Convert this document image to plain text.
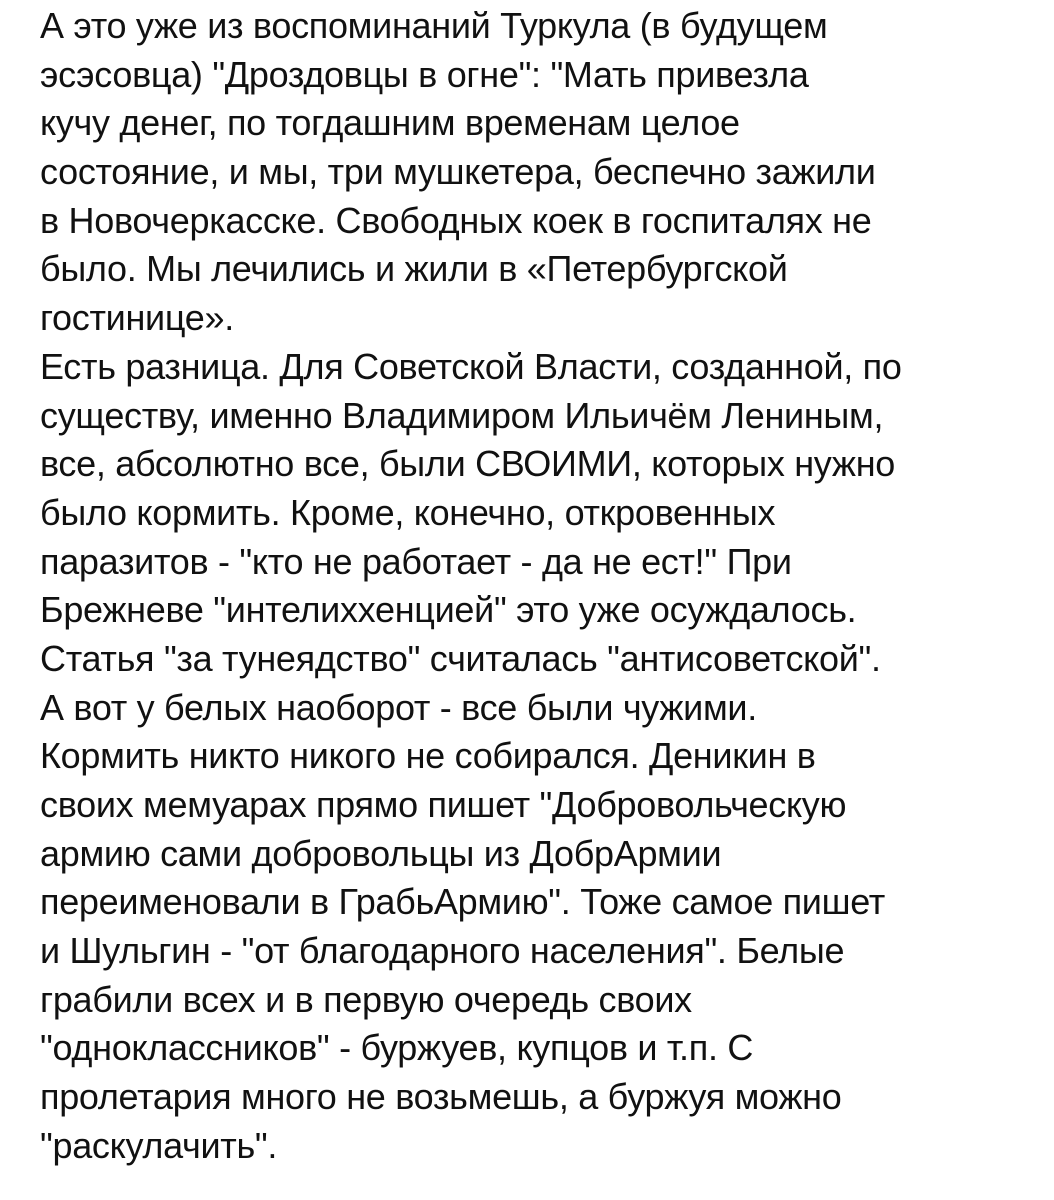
А это уже из воспоминаний Туркула (в будущем
эсэсовца) "Дроздовцы в огне": "Мать привезла
кучу денег, по тогдашним временам целое
состояние, и мы, три мушкетера, беспечно зажили
в Новочеркасске. Свободных коек в госпиталях не
было. Мы лечились и жили в «Петербургской
гостинице».
Есть разница. Для Советской Власти, созданной, по
существу, именно Владимиром Ильичём Лениным,
все, абсолютно все, были СВОИМИ, которых нужно
было кормить. Кроме, конечно, откровенных
паразитов - "кто не работает - да не ест!" При
Брежневе "интелиххенцией" это уже осуждалось.
Статья "за тунеядство" считалась "антисоветской".
А вот у белых наоборот - все были чужими.
Кормить никто никого не собирался. Деникин в
своих мемуарах прямо пишет "Добровольческую
армию сами добровольцы из ДобрАрмии
переименовали в ГрабьАрмию". Тоже самое пишет
и Шульгин - "от благодарного населения". Белые
грабили всех и в первую очередь своих
"одноклассников" - буржуев, купцов и т.п. С
пролетария много не возьмешь, а буржуя можно
"раскулачить".
